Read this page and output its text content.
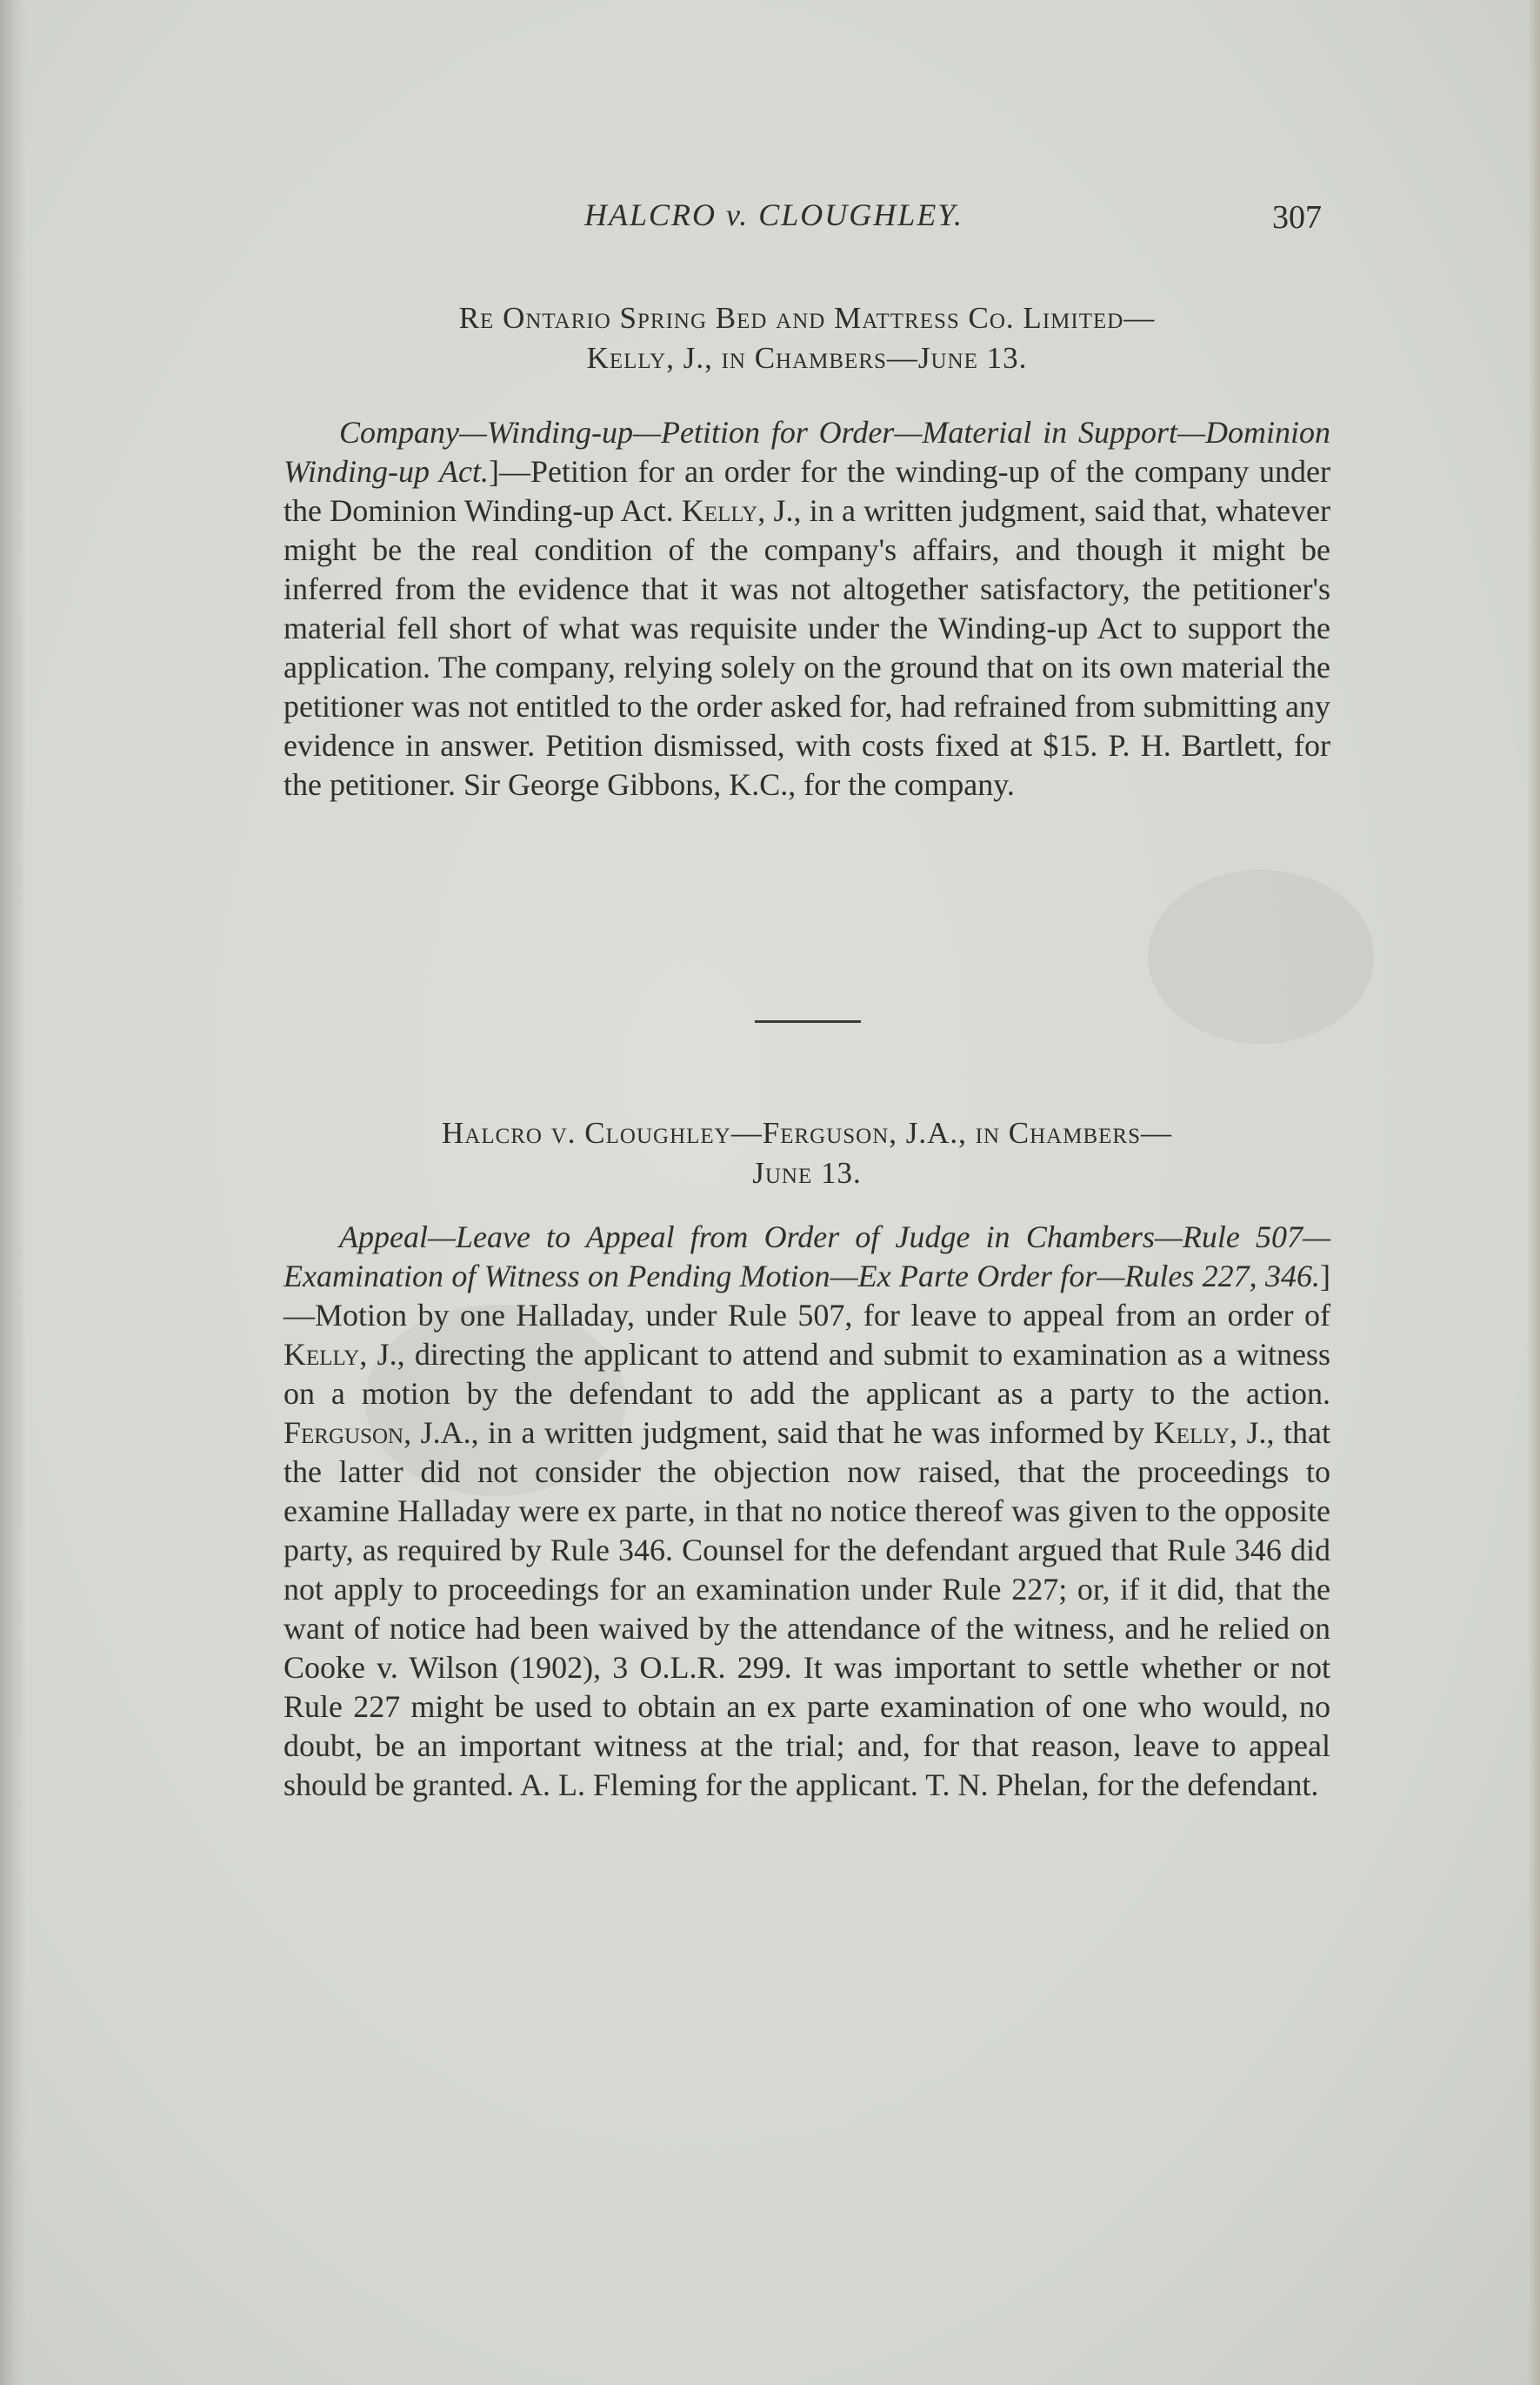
HALCRO v. CLOUGHLEY.	307
Re Ontario Spring Bed and Mattress Co. Limited—
Kelly, J., in Chambers—June 13.

Company—Winding-up—Petition for Order—Material in Support—Dominion Winding-up Act.]—Petition for an order for the winding-up of the company under the Dominion Winding-up Act. Kelly, J., in a written judgment, said that, whatever might be the real condition of the company's affairs, and though it might be inferred from the evidence that it was not altogether satisfactory, the petitioner's material fell short of what was requisite under the Winding-up Act to support the application. The company, relying solely on the ground that on its own material the petitioner was not entitled to the order asked for, had refrained from submitting any evidence in answer. Petition dismissed, with costs fixed at $15. P. H. Bartlett, for the petitioner. Sir George Gibbons, K.C., for the company.

Halcro v. Cloughley—Ferguson, J.A., in Chambers—
June 13.

Appeal—Leave to Appeal from Order of Judge in Chambers—Rule 507—Examination of Witness on Pending Motion—Ex Parte Order for—Rules 227, 346.]—Motion by one Halladay, under Rule 507, for leave to appeal from an order of Kelly, J., directing the applicant to attend and submit to examination as a witness on a motion by the defendant to add the applicant as a party to the action. Ferguson, J.A., in a written judgment, said that he was informed by Kelly, J., that the latter did not consider the objection now raised, that the proceedings to examine Halladay were ex parte, in that no notice thereof was given to the opposite party, as required by Rule 346. Counsel for the defendant argued that Rule 346 did not apply to proceedings for an examination under Rule 227; or, if it did, that the want of notice had been waived by the attendance of the witness, and he relied on Cooke v. Wilson (1902), 3 O.L.R. 299. It was important to settle whether or not Rule 227 might be used to obtain an ex parte examination of one who would, no doubt, be an important witness at the trial; and, for that reason, leave to appeal should be granted. A. L. Fleming for the applicant. T. N. Phelan, for the defendant.
